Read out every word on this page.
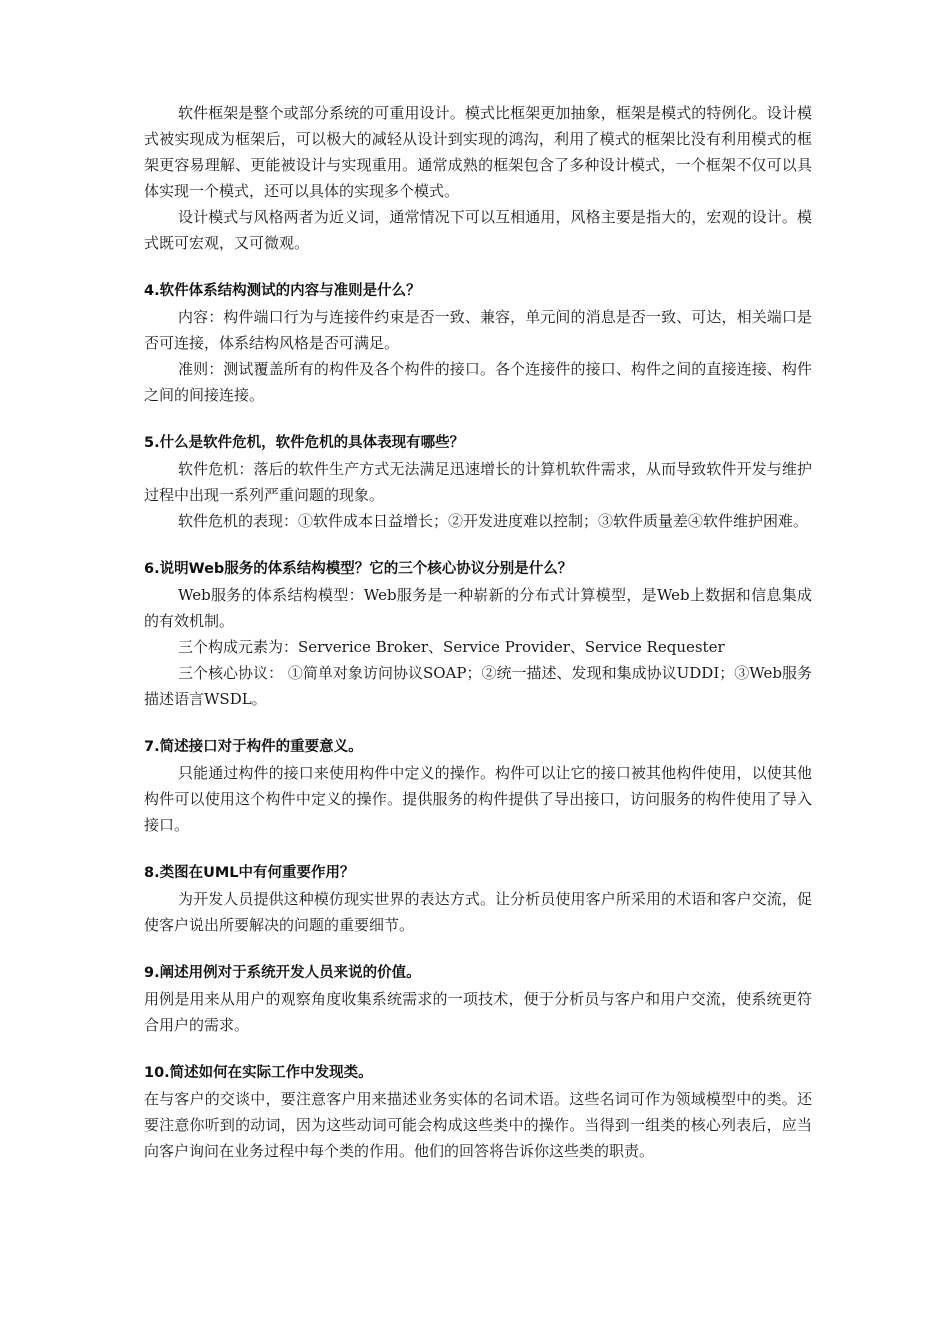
软件框架是整个或部分系统的可重用设计。模式比框架更加抽象，框架是模式的特例化。设计模式被实现成为框架后，可以极大的减轻从设计到实现的鸿沟，利用了模式的框架比没有利用模式的框架更容易理解、更能被设计与实现重用。通常成熟的框架包含了多种设计模式，一个框架不仅可以具体实现一个模式，还可以具体的实现多个模式。

设计模式与风格两者为近义词，通常情况下可以互相通用，风格主要是指大的，宏观的设计。模式既可宏观，又可微观。

4.软件体系结构测试的内容与准则是什么？

内容：构件端口行为与连接件约束是否一致、兼容，单元间的消息是否一致、可达，相关端口是否可连接，体系结构风格是否可满足。

准则：测试覆盖所有的构件及各个构件的接口。各个连接件的接口、构件之间的直接连接、构件之间的间接连接。

5.什么是软件危机，软件危机的具体表现有哪些？

软件危机：落后的软件生产方式无法满足迅速增长的计算机软件需求，从而导致软件开发与维护过程中出现一系列严重问题的现象。

软件危机的表现：①软件成本日益增长；②开发进度难以控制；③软件质量差④软件维护困难。

6.说明Web服务的体系结构模型？它的三个核心协议分别是什么？

Web服务的体系结构模型：Web服务是一种崭新的分布式计算模型，是Web上数据和信息集成的有效机制。

三个构成元素为：Serverice Broker、Service Provider、Service Requester

三个核心协议： ①简单对象访问协议SOAP；②统一描述、发现和集成协议UDDI；③Web服务描述语言WSDL。

7.简述接口对于构件的重要意义。

只能通过构件的接口来使用构件中定义的操作。构件可以让它的接口被其他构件使用，以使其他构件可以使用这个构件中定义的操作。提供服务的构件提供了导出接口，访问服务的构件使用了导入接口。

8.类图在UML中有何重要作用？

为开发人员提供这种模仿现实世界的表达方式。让分析员使用客户所采用的术语和客户交流，促使客户说出所要解决的问题的重要细节。

9.阐述用例对于系统开发人员来说的价值。

用例是用来从用户的观察角度收集系统需求的一项技术，便于分析员与客户和用户交流，使系统更符合用户的需求。

10.简述如何在实际工作中发现类。

在与客户的交谈中，要注意客户用来描述业务实体的名词术语。这些名词可作为领域模型中的类。还要注意你听到的动词，因为这些动词可能会构成这些类中的操作。当得到一组类的核心列表后，应当向客户询问在业务过程中每个类的作用。他们的回答将告诉你这些类的职责。
